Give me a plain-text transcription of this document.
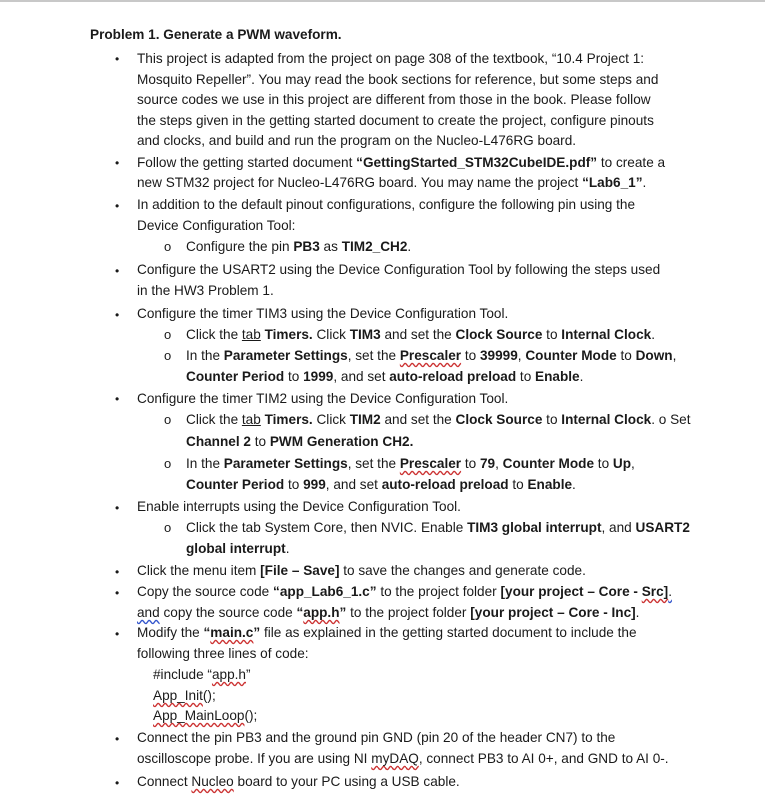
Problem 1. Generate a PWM waveform.
• This project is adapted from the project on page 308 of the textbook, “10.4 Project 1:
Mosquito Repeller”. You may read the book sections for reference, but some steps and
source codes we use in this project are different from those in the book. Please follow
the steps given in the getting started document to create the project, configure pinouts
and clocks, and build and run the program on the Nucleo-L476RG board.
• Follow the getting started document “GettingStarted_STM32CubeIDE.pdf” to create a
new STM32 project for Nucleo-L476RG board. You may name the project “Lab6_1”.
• In addition to the default pinout configurations, configure the following pin using the
Device Configuration Tool:
o Configure the pin PB3 as TIM2_CH2.
• Configure the USART2 using the Device Configuration Tool by following the steps used
in the HW3 Problem 1.
• Configure the timer TIM3 using the Device Configuration Tool.
o Click the tab Timers. Click TIM3 and set the Clock Source to Internal Clock.
o In the Parameter Settings, set the Prescaler to 39999, Counter Mode to Down,
Counter Period to 1999, and set auto-reload preload to Enable.
• Configure the timer TIM2 using the Device Configuration Tool.
o Click the tab Timers. Click TIM2 and set the Clock Source to Internal Clock. o Set
Channel 2 to PWM Generation CH2.
o In the Parameter Settings, set the Prescaler to 79, Counter Mode to Up,
Counter Period to 999, and set auto-reload preload to Enable.
• Enable interrupts using the Device Configuration Tool.
o Click the tab System Core, then NVIC. Enable TIM3 global interrupt, and USART2
global interrupt.
• Click the menu item [File – Save] to save the changes and generate code.
• Copy the source code “app_Lab6_1.c” to the project folder [your project – Core - Src].
and copy the source code “app.h” to the project folder [your project – Core - Inc].
• Modify the “main.c” file as explained in the getting started document to include the
following three lines of code:
#include “app.h”
App_Init();
App_MainLoop();
• Connect the pin PB3 and the ground pin GND (pin 20 of the header CN7) to the
oscilloscope probe. If you are using NI myDAQ, connect PB3 to AI 0+, and GND to AI 0-.
• Connect Nucleo board to your PC using a USB cable.
